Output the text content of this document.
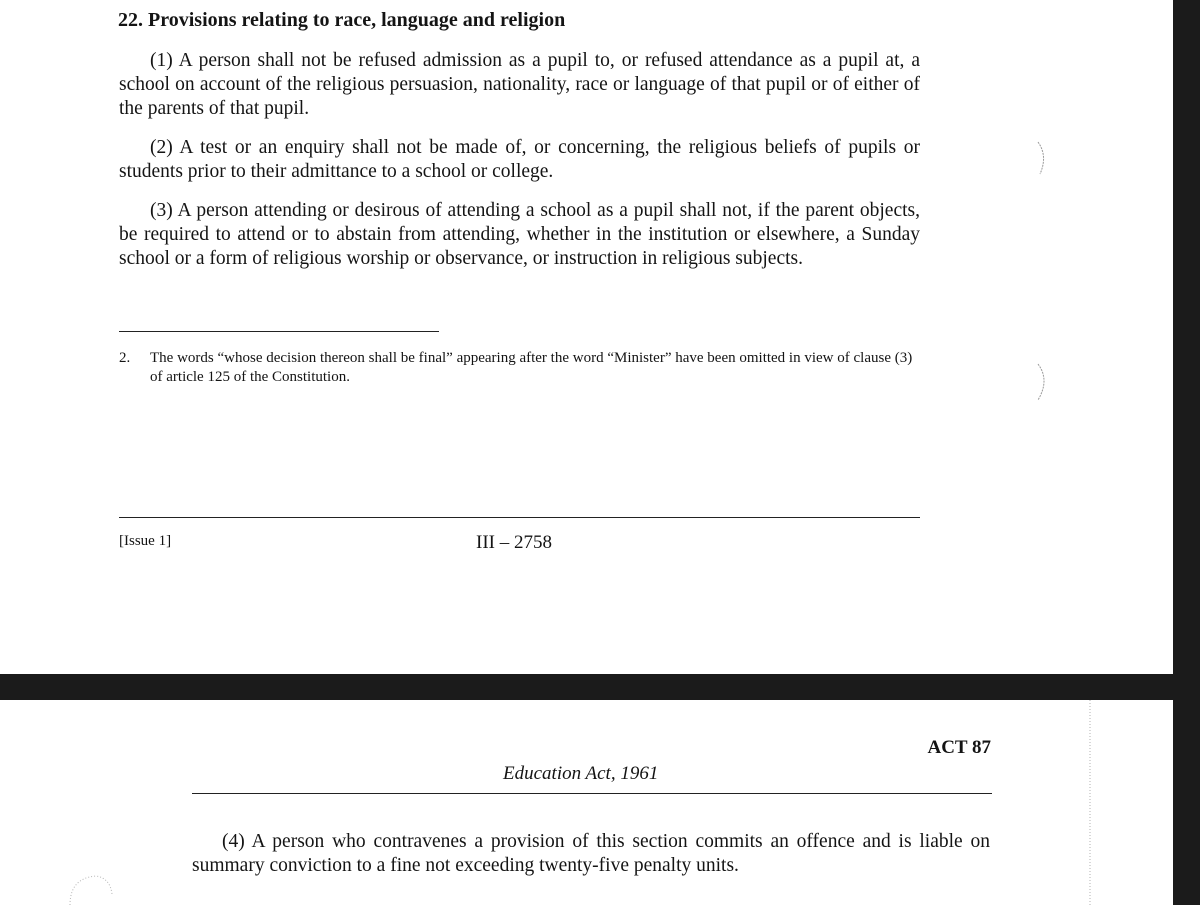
22. Provisions relating to race, language and religion

(1) A person shall not be refused admission as a pupil to, or refused attendance as a pupil at, a school on account of the religious persuasion, nationality, race or language of that pupil or of either of the parents of that pupil.

(2) A test or an enquiry shall not be made of, or concerning, the religious beliefs of pupils or students prior to their admittance to a school or college.

(3) A person attending or desirous of attending a school as a pupil shall not, if the parent objects, be required to attend or to abstain from attending, whether in the institution or elsewhere, a Sunday school or a form of religious worship or observance, or instruction in religious subjects.

2. The words “whose decision thereon shall be final” appearing after the word “Minister” have been omitted in view of clause (3) of article 125 of the Constitution.
[Issue 1]	III – 2758
ACT 87
Education Act, 1961

(4) A person who contravenes a provision of this section commits an offence and is liable on summary conviction to a fine not exceeding twenty-five penalty units.
